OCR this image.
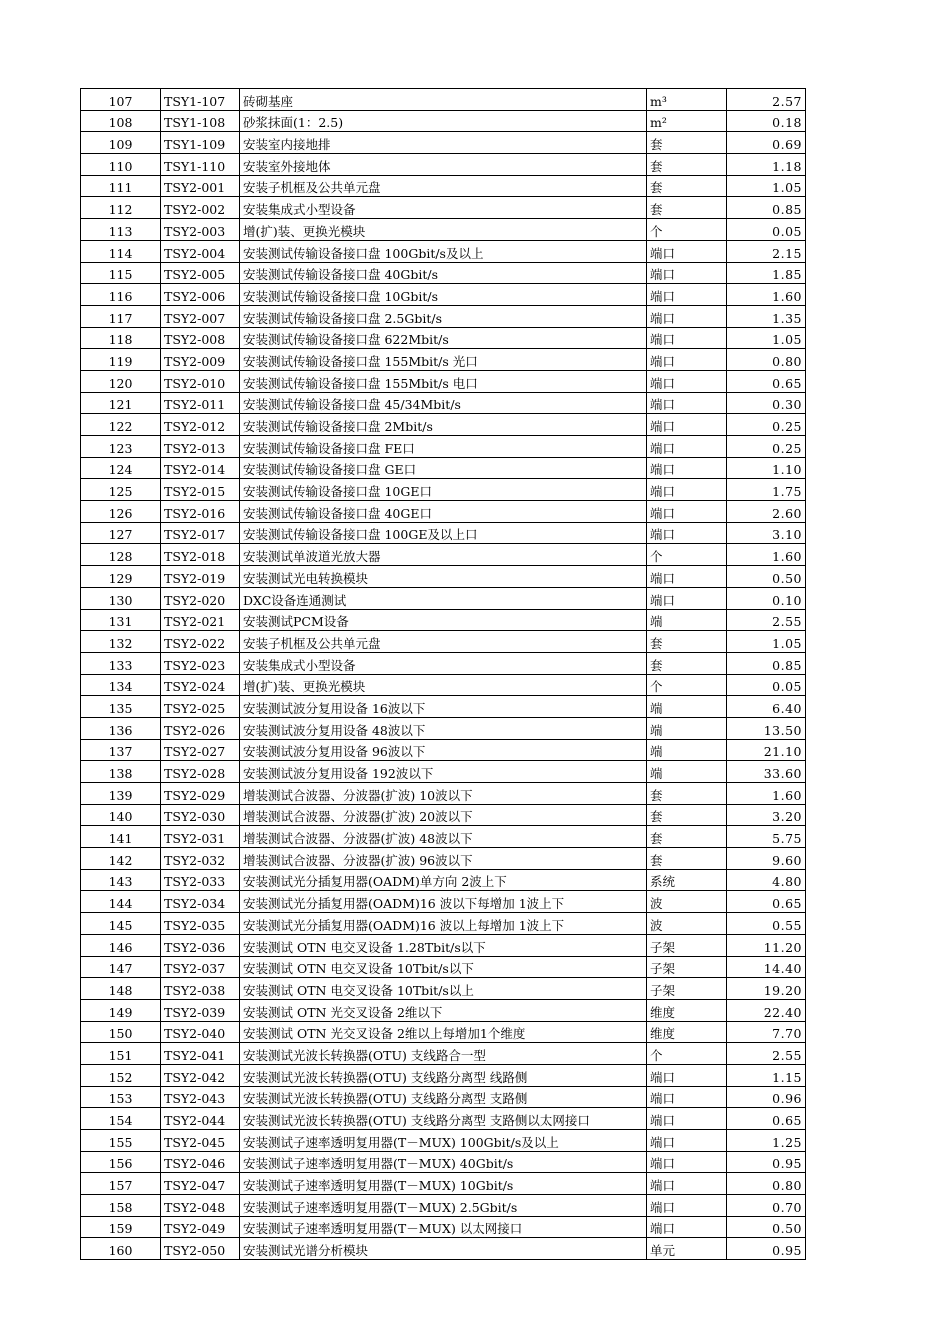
107	TSY1-107	砖砌基座	m³	2.57
108	TSY1-108	砂浆抹面(1：2.5)	m²	0.18
109	TSY1-109	安装室内接地排	套	0.69
110	TSY1-110	安装室外接地体	套	1.18
111	TSY2-001	安装子机框及公共单元盘	套	1.05
112	TSY2-002	安装集成式小型设备	套	0.85
113	TSY2-003	增(扩)装、更换光模块	个	0.05
114	TSY2-004	安装测试传输设备接口盘 100Gbit/s及以上	端口	2.15
115	TSY2-005	安装测试传输设备接口盘 40Gbit/s	端口	1.85
116	TSY2-006	安装测试传输设备接口盘 10Gbit/s	端口	1.60
117	TSY2-007	安装测试传输设备接口盘 2.5Gbit/s	端口	1.35
118	TSY2-008	安装测试传输设备接口盘 622Mbit/s	端口	1.05
119	TSY2-009	安装测试传输设备接口盘 155Mbit/s 光口	端口	0.80
120	TSY2-010	安装测试传输设备接口盘 155Mbit/s 电口	端口	0.65
121	TSY2-011	安装测试传输设备接口盘 45/34Mbit/s	端口	0.30
122	TSY2-012	安装测试传输设备接口盘 2Mbit/s	端口	0.25
123	TSY2-013	安装测试传输设备接口盘 FE口	端口	0.25
124	TSY2-014	安装测试传输设备接口盘 GE口	端口	1.10
125	TSY2-015	安装测试传输设备接口盘 10GE口	端口	1.75
126	TSY2-016	安装测试传输设备接口盘 40GE口	端口	2.60
127	TSY2-017	安装测试传输设备接口盘 100GE及以上口	端口	3.10
128	TSY2-018	安装测试单波道光放大器	个	1.60
129	TSY2-019	安装测试光电转换模块	端口	0.50
130	TSY2-020	DXC设备连通测试	端口	0.10
131	TSY2-021	安装测试PCM设备	端	2.55
132	TSY2-022	安装子机框及公共单元盘	套	1.05
133	TSY2-023	安装集成式小型设备	套	0.85
134	TSY2-024	增(扩)装、更换光模块	个	0.05
135	TSY2-025	安装测试波分复用设备 16波以下	端	6.40
136	TSY2-026	安装测试波分复用设备 48波以下	端	13.50
137	TSY2-027	安装测试波分复用设备 96波以下	端	21.10
138	TSY2-028	安装测试波分复用设备 192波以下	端	33.60
139	TSY2-029	增装测试合波器、分波器(扩波) 10波以下	套	1.60
140	TSY2-030	增装测试合波器、分波器(扩波) 20波以下	套	3.20
141	TSY2-031	增装测试合波器、分波器(扩波) 48波以下	套	5.75
142	TSY2-032	增装测试合波器、分波器(扩波) 96波以下	套	9.60
143	TSY2-033	安装测试光分插复用器(OADM)单方向 2波上下	系统	4.80
144	TSY2-034	安装测试光分插复用器(OADM)16 波以下每增加 1波上下	波	0.65
145	TSY2-035	安装测试光分插复用器(OADM)16 波以上每增加 1波上下	波	0.55
146	TSY2-036	安装测试 OTN 电交叉设备 1.28Tbit/s以下	子架	11.20
147	TSY2-037	安装测试 OTN 电交叉设备 10Tbit/s以下	子架	14.40
148	TSY2-038	安装测试 OTN 电交叉设备 10Tbit/s以上	子架	19.20
149	TSY2-039	安装测试 OTN 光交叉设备 2维以下	维度	22.40
150	TSY2-040	安装测试 OTN 光交叉设备 2维以上每增加1个维度	维度	7.70
151	TSY2-041	安装测试光波长转换器(OTU) 支线路合一型	个	2.55
152	TSY2-042	安装测试光波长转换器(OTU) 支线路分离型 线路侧	端口	1.15
153	TSY2-043	安装测试光波长转换器(OTU) 支线路分离型 支路侧	端口	0.96
154	TSY2-044	安装测试光波长转换器(OTU) 支线路分离型 支路侧以太网接口	端口	0.65
155	TSY2-045	安装测试子速率透明复用器(T－MUX) 100Gbit/s及以上	端口	1.25
156	TSY2-046	安装测试子速率透明复用器(T－MUX) 40Gbit/s	端口	0.95
157	TSY2-047	安装测试子速率透明复用器(T－MUX) 10Gbit/s	端口	0.80
158	TSY2-048	安装测试子速率透明复用器(T－MUX) 2.5Gbit/s	端口	0.70
159	TSY2-049	安装测试子速率透明复用器(T－MUX) 以太网接口	端口	0.50
160	TSY2-050	安装测试光谱分析模块	单元	0.95
